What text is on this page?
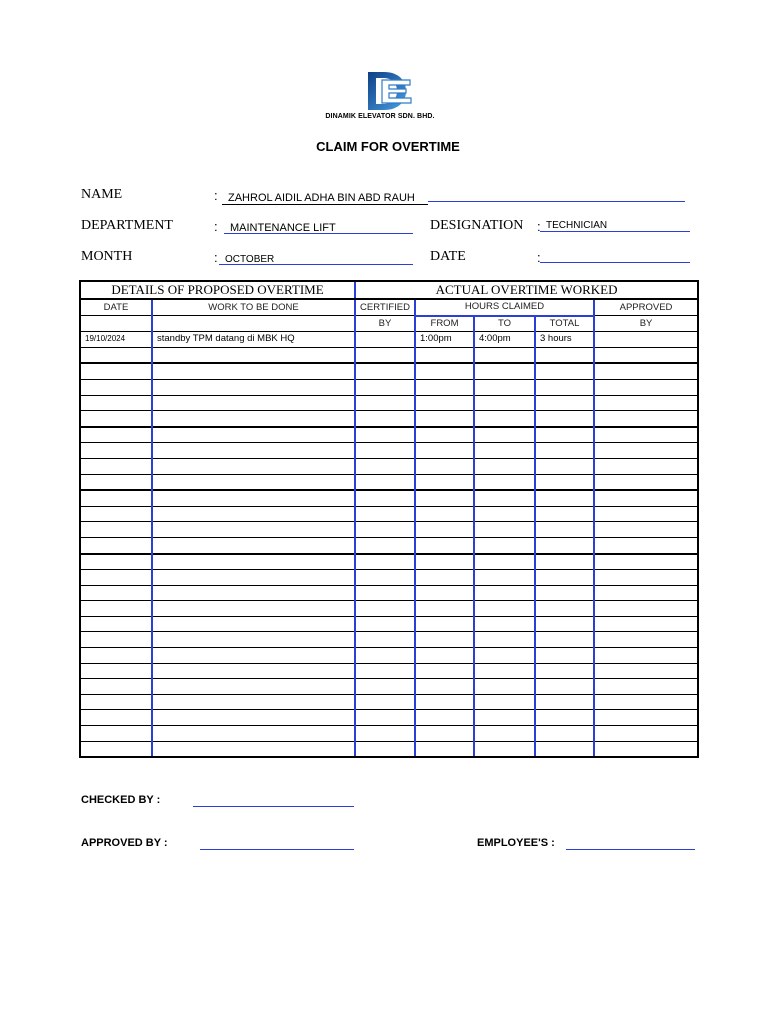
DINAMIK ELEVATOR SDN. BHD.
CLAIM FOR OVERTIME
NAME	: ZAHROL AIDIL ADHA BIN ABD RAUH
DEPARTMENT	: MAINTENANCE LIFT	DESIGNATION : TECHNICIAN
MONTH	: OCTOBER	DATE	:
DETAILS OF PROPOSED OVERTIME		ACTUAL OVERTIME WORKED				
DATE	WORK TO BE DONE	CERTIFIED	HOURS CLAIMED			APPROVED
		BY	FROM	TO	TOTAL	BY
19/10/2024	standby TPM datang di MBK HQ		1:00pm	4:00pm	3 hours	

CHECKED BY :
APPROVED BY :	EMPLOYEE'S :
